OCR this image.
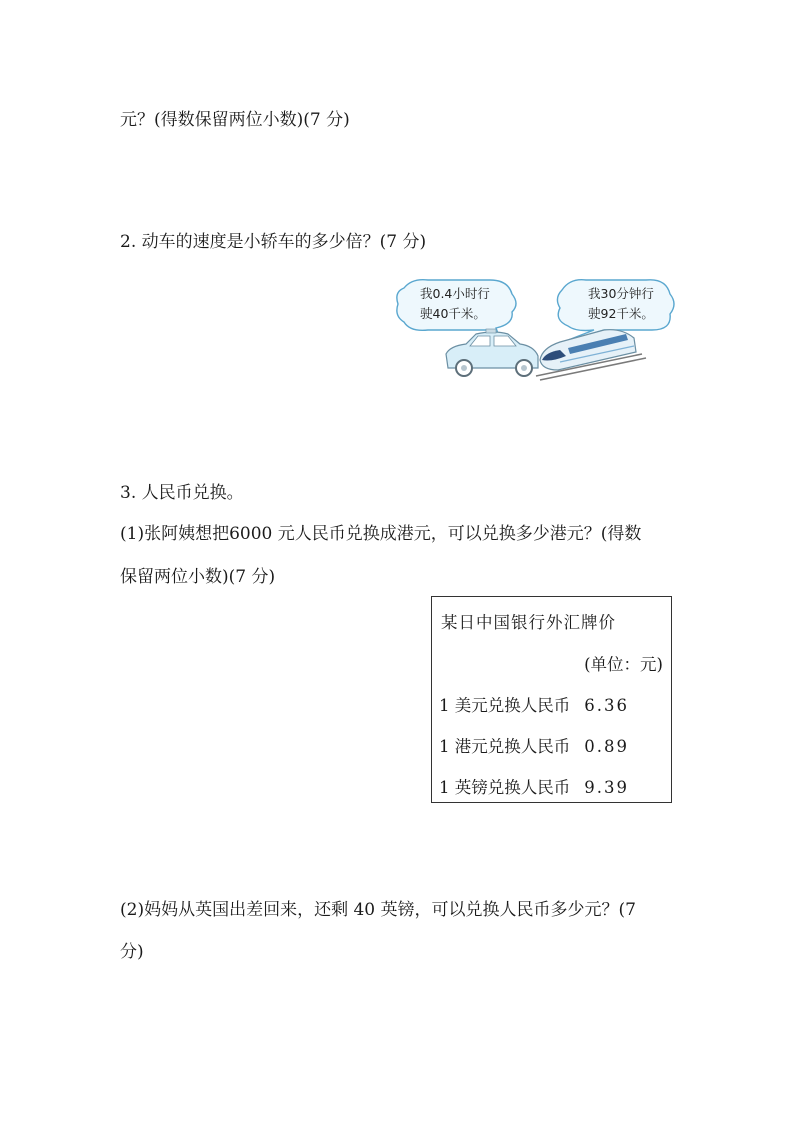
元？(得数保留两位小数)(7 分)
2. 动车的速度是小轿车的多少倍？(7 分)
我0.4小时行
驶40千米。
我30分钟行
驶92千米。
3. 人民币兑换。
(1)张阿姨想把6000 元人民币兑换成港元，可以兑换多少港元？(得数
保留两位小数)(7 分)
某日中国银行外汇牌价
(单位：元)
1 美元兑换人民币 6.36
1 港元兑换人民币 0.89
1 英镑兑换人民币 9.39
(2)妈妈从英国出差回来，还剩 40 英镑，可以兑换人民币多少元？(7
分)
